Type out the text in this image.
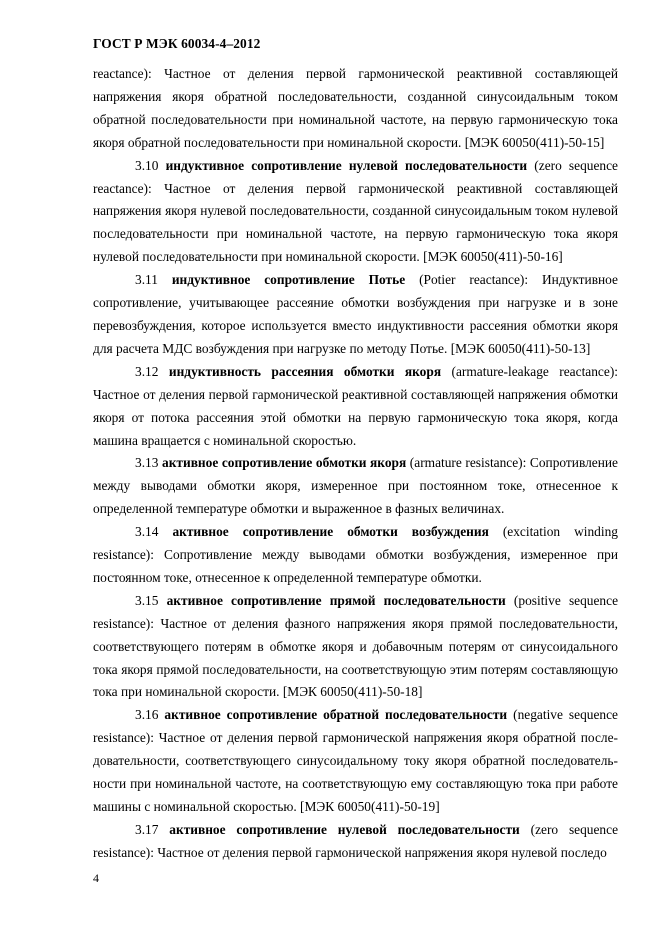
ГОСТ Р МЭК 60034-4–2012

reactance): Частное от деления первой гармонической реактивной составляющей напряжения якоря обратной последовательности, созданной синусоидальным током обратной последовательности при номинальной частоте, на первую гармоническую тока якоря обратной последовательности при номинальной скорости. [МЭК 60050(411)-50-15]

3.10 индуктивное сопротивление нулевой последовательности (zero sequence reactance): Частное от деления первой гармонической реактивной составляющей напряжения якоря нулевой последовательности, созданной синусоидальным током нулевой последовательности при номинальной частоте, на первую гармоническую тока якоря нулевой последовательности при номинальной скорости. [МЭК 60050(411)-50-16]

3.11 индуктивное сопротивление Потье (Potier reactance): Индуктивное сопротивление, учитывающее рассеяние обмотки возбуждения при нагрузке и в зоне перевозбуждения, которое используется вместо индуктивности рассеяния обмотки якоря для расчета МДС возбуждения при нагрузке по методу Потье. [МЭК 60050(411)-50-13]

3.12 индуктивность рассеяния обмотки якоря (armature-leakage reactance): Частное от деления первой гармонической реактивной составляющей напряжения обмотки якоря от потока рассеяния этой обмотки на первую гармоническую тока якоря, когда машина вращается с номинальной скоростью.

3.13 активное сопротивление обмотки якоря (armature resistance): Сопротивление между выводами обмотки якоря, измеренное при постоянном токе, отнесенное к определенной температуре обмотки и выраженное в фазных величинах.

3.14 активное сопротивление обмотки возбуждения (excitation winding resistance): Сопротивление между выводами обмотки возбуждения, измеренное при постоянном токе, отнесенное к определенной температуре обмотки.

3.15 активное сопротивление прямой последовательности (positive sequence resistance): Частное от деления фазного напряжения якоря прямой последовательности, соответствующего потерям в обмотке якоря и добавочным потерям от синусоидального тока якоря прямой последовательности, на соответствующую этим потерям составляющую тока при номинальной скорости. [МЭК 60050(411)-50-18]

3.16 активное сопротивление обратной последовательности (negative sequence resistance): Частное от деления первой гармонической напряжения якоря обратной последовательности, соответствующего синусоидальному току якоря обратной последовательности при номинальной частоте, на соответствующую ему составляющую тока при работе машины с номинальной скоростью. [МЭК 60050(411)-50-19]

3.17 активное сопротивление нулевой последовательности (zero sequence resistance): Частное от деления первой гармонической напряжения якоря нулевой последо

4
